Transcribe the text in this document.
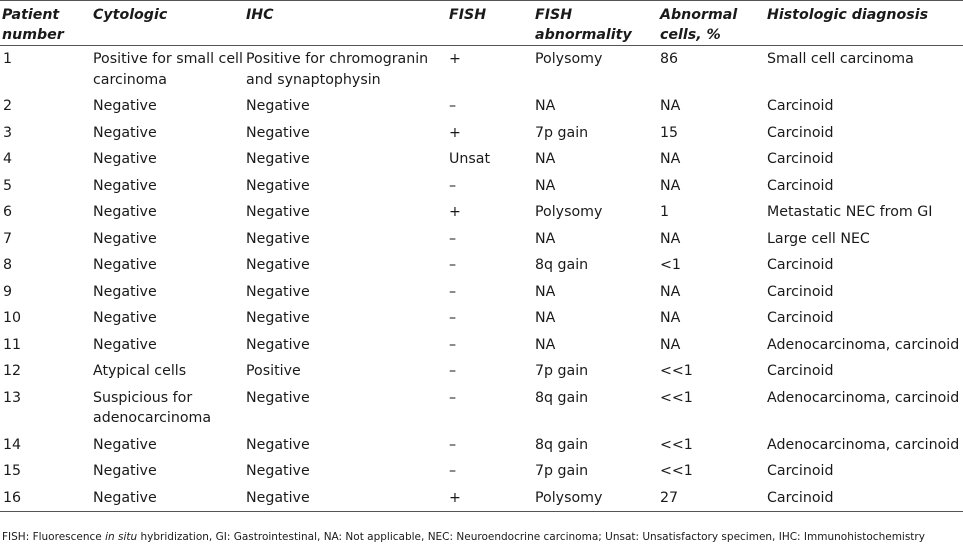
Patient number	Cytologic	IHC	FISH	FISH abnormality	Abnormal cells, %	Histologic diagnosis
1	Positive for small cell carcinoma	Positive for chromogranin and synaptophysin	+	Polysomy	86	Small cell carcinoma
2	Negative	Negative	–	NA	NA	Carcinoid
3	Negative	Negative	+	7p gain	15	Carcinoid
4	Negative	Negative	Unsat	NA	NA	Carcinoid
5	Negative	Negative	–	NA	NA	Carcinoid
6	Negative	Negative	+	Polysomy	1	Metastatic NEC from GI
7	Negative	Negative	–	NA	NA	Large cell NEC
8	Negative	Negative	–	8q gain	<1	Carcinoid
9	Negative	Negative	–	NA	NA	Carcinoid
10	Negative	Negative	–	NA	NA	Carcinoid
11	Negative	Negative	–	NA	NA	Adenocarcinoma, carcinoid
12	Atypical cells	Positive	–	7p gain	<<1	Carcinoid
13	Suspicious for adenocarcinoma	Negative	–	8q gain	<<1	Adenocarcinoma, carcinoid
14	Negative	Negative	–	8q gain	<<1	Adenocarcinoma, carcinoid
15	Negative	Negative	–	7p gain	<<1	Carcinoid
16	Negative	Negative	+	Polysomy	27	Carcinoid
FISH: Fluorescence in situ hybridization, GI: Gastrointestinal, NA: Not applicable, NEC: Neuroendocrine carcinoma; Unsat: Unsatisfactory specimen, IHC: Immunohistochemistry
